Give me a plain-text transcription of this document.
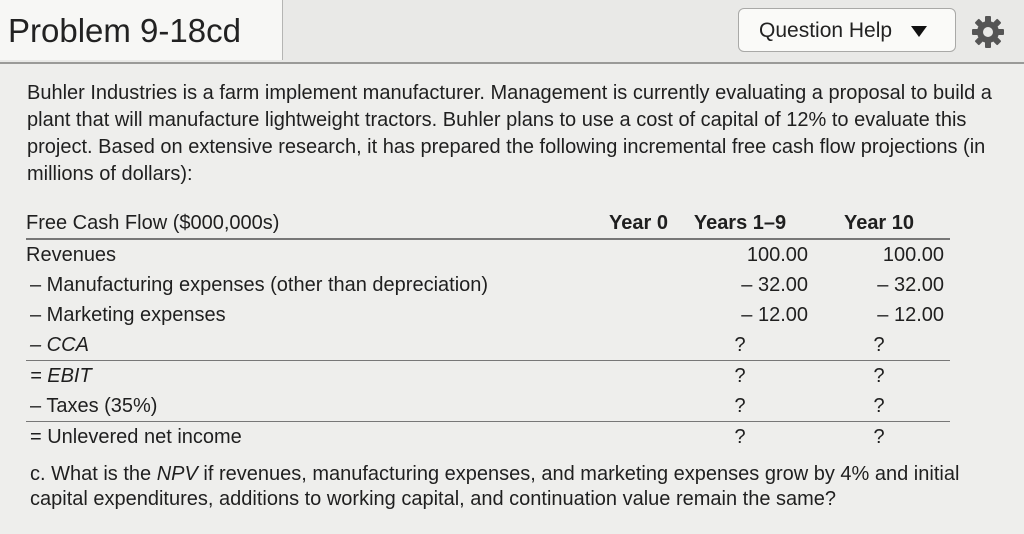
Problem 9-18cd	Question Help
Buhler Industries is a farm implement manufacturer. Management is currently evaluating a proposal to build a plant that will manufacture lightweight tractors. Buhler plans to use a cost of capital of 12% to evaluate this project. Based on extensive research, it has prepared the following incremental free cash flow projections (in millions of dollars):
Free Cash Flow ($000,000s)	Year 0	Years 1–9	Year 10
Revenues		100.00	100.00
– Manufacturing expenses (other than depreciation)		– 32.00	– 32.00
– Marketing expenses		– 12.00	– 12.00
– CCA		?	?
= EBIT		?	?
– Taxes (35%)		?	?
= Unlevered net income		?	?
c. What is the NPV if revenues, manufacturing expenses, and marketing expenses grow by 4% and initial capital expenditures, additions to working capital, and continuation value remain the same?
